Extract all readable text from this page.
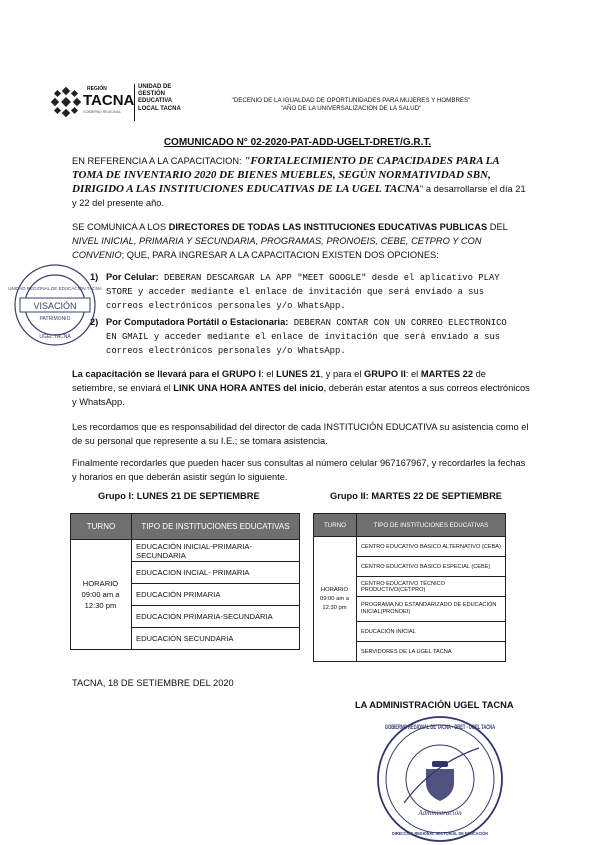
REGIÓN
TACNA
GOBIERNO REGIONAL
UNIDAD DE
GESTIÓN
EDUCATIVA
LOCAL TACNA
"DECENIO DE LA IGUALDAD DE OPORTUNIDADES PARA MUJERES Y HOMBRES"
"AÑO DE LA UNIVERSALIZACION DE LA SALUD"
COMUNICADO N° 02-2020-PAT-ADD-UGELT-DRET/G.R.T.
EN REFERENCIA A LA CAPACITACION: "FORTALECIMIENTO DE CAPACIDADES PARA LA TOMA DE INVENTARIO 2020 DE BIENES MUEBLES, SEGÚN NORMATIVIDAD SBN, DIRIGIDO A LAS INSTITUCIONES EDUCATIVAS DE LA UGEL TACNA" a desarrollarse el día 21 y 22 del presente año.
SE COMUNICA A LOS DIRECTORES DE TODAS LAS INSTITUCIONES EDUCATIVAS PUBLICAS DEL NIVEL INICIAL, PRIMARIA Y SECUNDARIA, PROGRAMAS, PRONOEIS, CEBE, CETPRO Y CON CONVENIO; QUE, PARA INGRESAR A LA CAPACITACION EXISTEN DOS OPCIONES:
1) Por Celular: DEBERAN DESCARGAR LA APP "MEET GOOGLE" desde el aplicativo PLAY
STORE y acceder mediante el enlace de invitación que será enviado a sus
correos electrónicos personales y/o WhatsApp.
2) Por Computadora Portátil o Estacionaria: DEBERAN CONTAR CON UN CORREO ELECTRONICO
EN GMAIL y acceder mediante el enlace de invitación que será enviado a sus
correos electrónicos personales y/o WhatsApp.
La capacitación se llevará para el GRUPO I: el LUNES 21, y para el GRUPO II: el MARTES 22 de setiembre, se enviará el LINK UNA HORA ANTES del inicio, deberán estar atentos a sus correos electrónicos y WhatsApp.
Les recordamos que es responsabilidad del director de cada INSTITUCIÓN EDUCATIVA su asistencia como el de su personal que represente a su I.E.; se tomara asistencia.
Finalmente recordarles que pueden hacer sus consultas al número celular 967167967, y recordarles la fechas y horarios en que deberán asistir según lo siguiente.
Grupo I: LUNES 21 DE SEPTIEMBRE	Grupo II: MARTES 22 DE SEPTIEMBRE
TURNO	TIPO DE INSTITUCIONES EDUCATIVAS

HORARIO
09:00 am a
12:30 pm	EDUCACIÓN INICIAL-PRIMARIA-SECUNDARIA
	EDUCACION INCIAL- PRIMARIA
	EDUCACIÓN PRIMARIA
	EDUCACIÓN PRIMARIA-SECUNDARIA
	EDUCACIÓN SECUNDARIA
TURNO	TIPO DE INSTITUCIONES EDUCATIVAS

HORARIO
09:00 am a
12:30 pm	CENTRO EDUCATIVO BÁSICO ALTERNATIVO (CEBA)
	CENTRO EDUCATIVO BÁSICO ESPECIAL (CEBE)
	CENTRO EDUCATIVO TÉCNICO PRODUCTIVO(CETPRO)
	PROGRAMA NO ESTANDARIZADO DE EDUCACIÓN INICIAL(PRONOEI)
	EDUCACIÓN INICIAL
	SERVIDORES DE LA UGEL TACNA
TACNA, 18 DE SETIEMBRE DEL 2020
LA ADMINISTRACIÓN UGEL TACNA
VISACIÓN
PATRIMONIO
UNIDAD REGIONAL DE EDUCACIÓN TACNA
UGEL TACNA
GOBIERNO REGIONAL DE TACNA - DRET - UGEL TACNA
Administración
DIRECCIÓN REGIONAL SECTORIAL DE EDUCACIÓN
